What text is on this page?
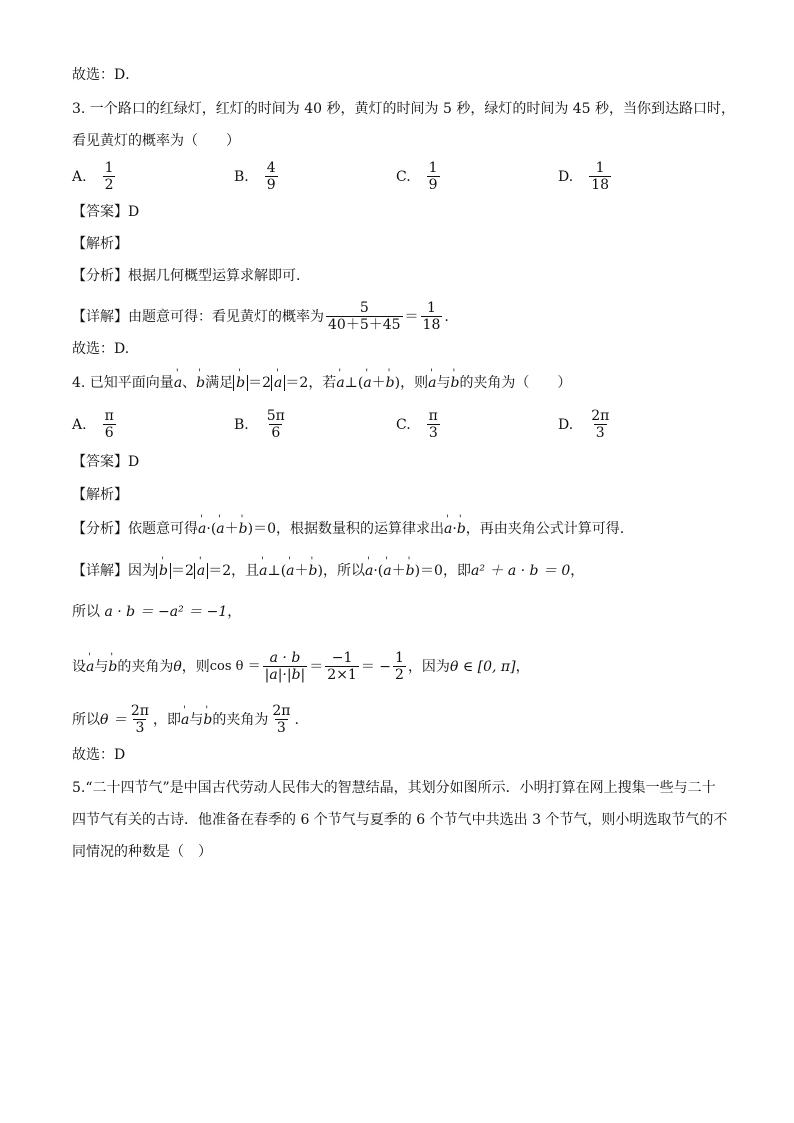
故选：D．
3. 一个路口的红绿灯，红灯的时间为 40 秒，黄灯的时间为 5 秒，绿灯的时间为 45 秒，当你到达路口时，
看见黄灯的概率为（　　）
A. $\frac{1}{2}$	B. $\frac{4}{9}$	C. $\frac{1}{9}$	D. $\frac{1}{18}$
【答案】D
【解析】
【分析】根据几何概型运算求解即可.
【详解】由题意可得：看见黄灯的概率为 $\frac{5}{40+5+45} = \frac{1}{18}$ .
故选：D.
4. 已知平面向量 ' a 、 ' b 满足 ' b ＝2 ' a ＝2 ，若 ' a ⊥ ( ' a ＋ ' b ) ，则 ' a 与 ' b 的夹角为（　　）
A. $\frac{\pi}{6}$	B. $\frac{5\pi}{6}$	C. $\frac{\pi}{3}$	D. $\frac{2\pi}{3}$
【答案】D
【解析】
【分析】依题意可得 ' a · ( ' a ＋ ' b ) ＝0 ，根据数量积的运算律求出 ' a · ' b ，再由夹角公式计算可得.
【详解】因为 ' b ＝2 ' a ＝2 ，且 ' a ⊥ ( ' a ＋ ' b ) ，所以 ' a · ( ' a ＋ ' b ) ＝0 ，即 a² ＋ a · b ＝ 0 ，
所以 a · b ＝ −a² ＝ −1，
设 ' a 与 ' b 的夹角为 θ ，则 $\cos \theta = \frac{a \cdot b}{|a|\cdot|b|} = \frac{-1}{2\times 1}$ ＝ − $\frac{1}{2}$ ，因为 θ ∈ [0, π] ，
所以 $\theta = \frac{2\pi}{3}$ ，即 ' a 与 ' b 的夹角为 $\frac{2\pi}{3}$ .
故选：D
5.“二十四节气”是中国古代劳动人民伟大的智慧结晶，其划分如图所示．小明打算在网上搜集一些与二十
四节气有关的古诗．他准备在春季的 6 个节气与夏季的 6 个节气中共选出 3 个节气，则小明选取节气的不
同情况的种数是（　）
